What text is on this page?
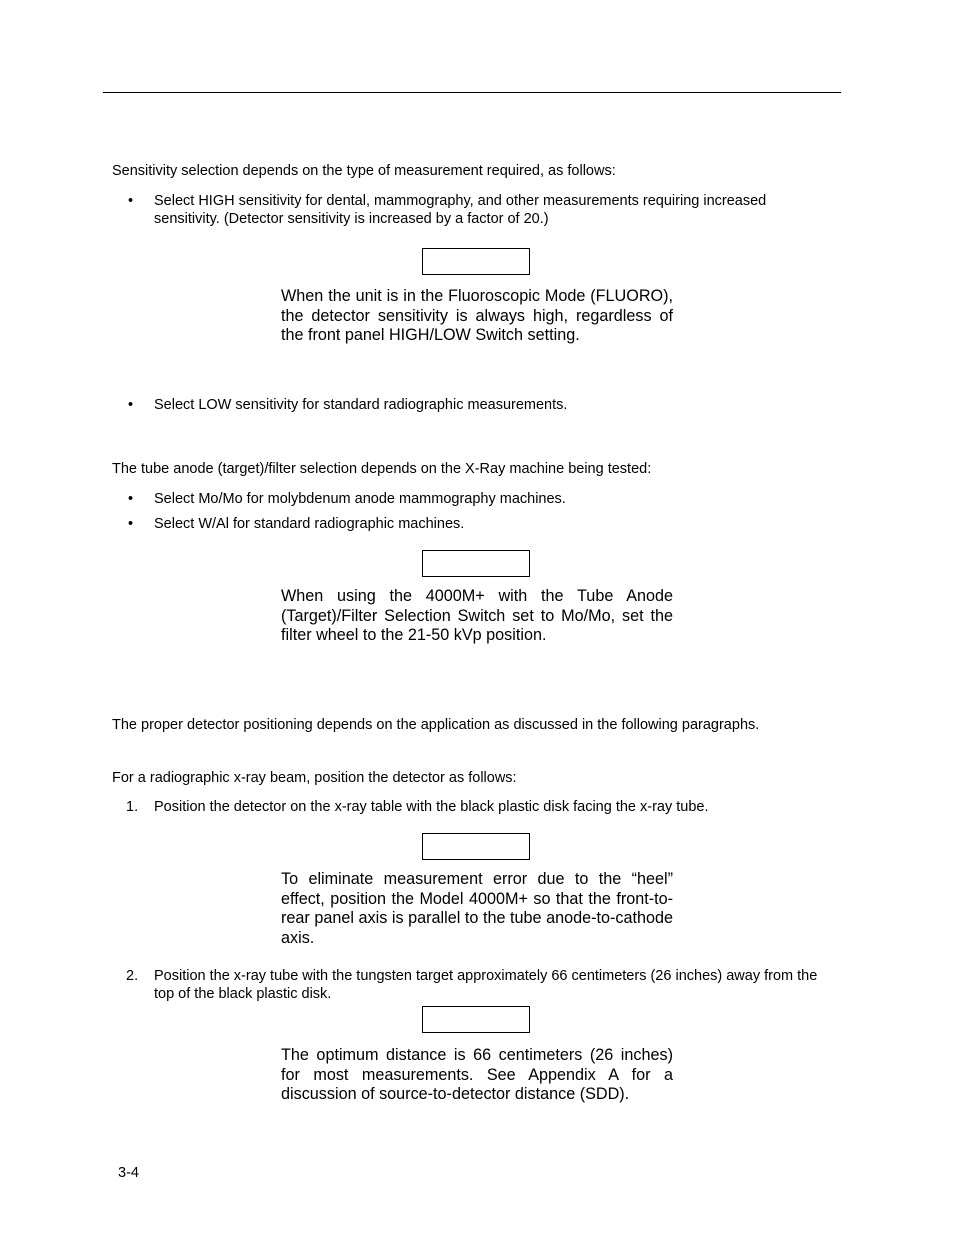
Sensitivity selection depends on the type of measurement required, as follows:

• Select HIGH sensitivity for dental, mammography, and other measurements requiring increased sensitivity. (Detector sensitivity is increased by a factor of 20.)

When the unit is in the Fluoroscopic Mode (FLUORO), the detector sensitivity is always high, regardless of the front panel HIGH/LOW Switch setting.

• Select LOW sensitivity for standard radiographic measurements.

The tube anode (target)/filter selection depends on the X-Ray machine being tested:

• Select Mo/Mo for molybdenum anode mammography machines.
• Select W/Al for standard radiographic machines.

When using the 4000M+ with the Tube Anode (Target)/Filter Selection Switch set to Mo/Mo, set the filter wheel to the 21-50 kVp position.

The proper detector positioning depends on the application as discussed in the following paragraphs.

For a radiographic x-ray beam, position the detector as follows:

1. Position the detector on the x-ray table with the black plastic disk facing the x-ray tube.

To eliminate measurement error due to the “heel” effect, position the Model 4000M+ so that the front-to-rear panel axis is parallel to the tube anode-to-cathode axis.

2. Position the x-ray tube with the tungsten target approximately 66 centimeters (26 inches) away from the top of the black plastic disk.

The optimum distance is 66 centimeters (26 inches) for most measurements. See Appendix A for a discussion of source-to-detector distance (SDD).

3-4
